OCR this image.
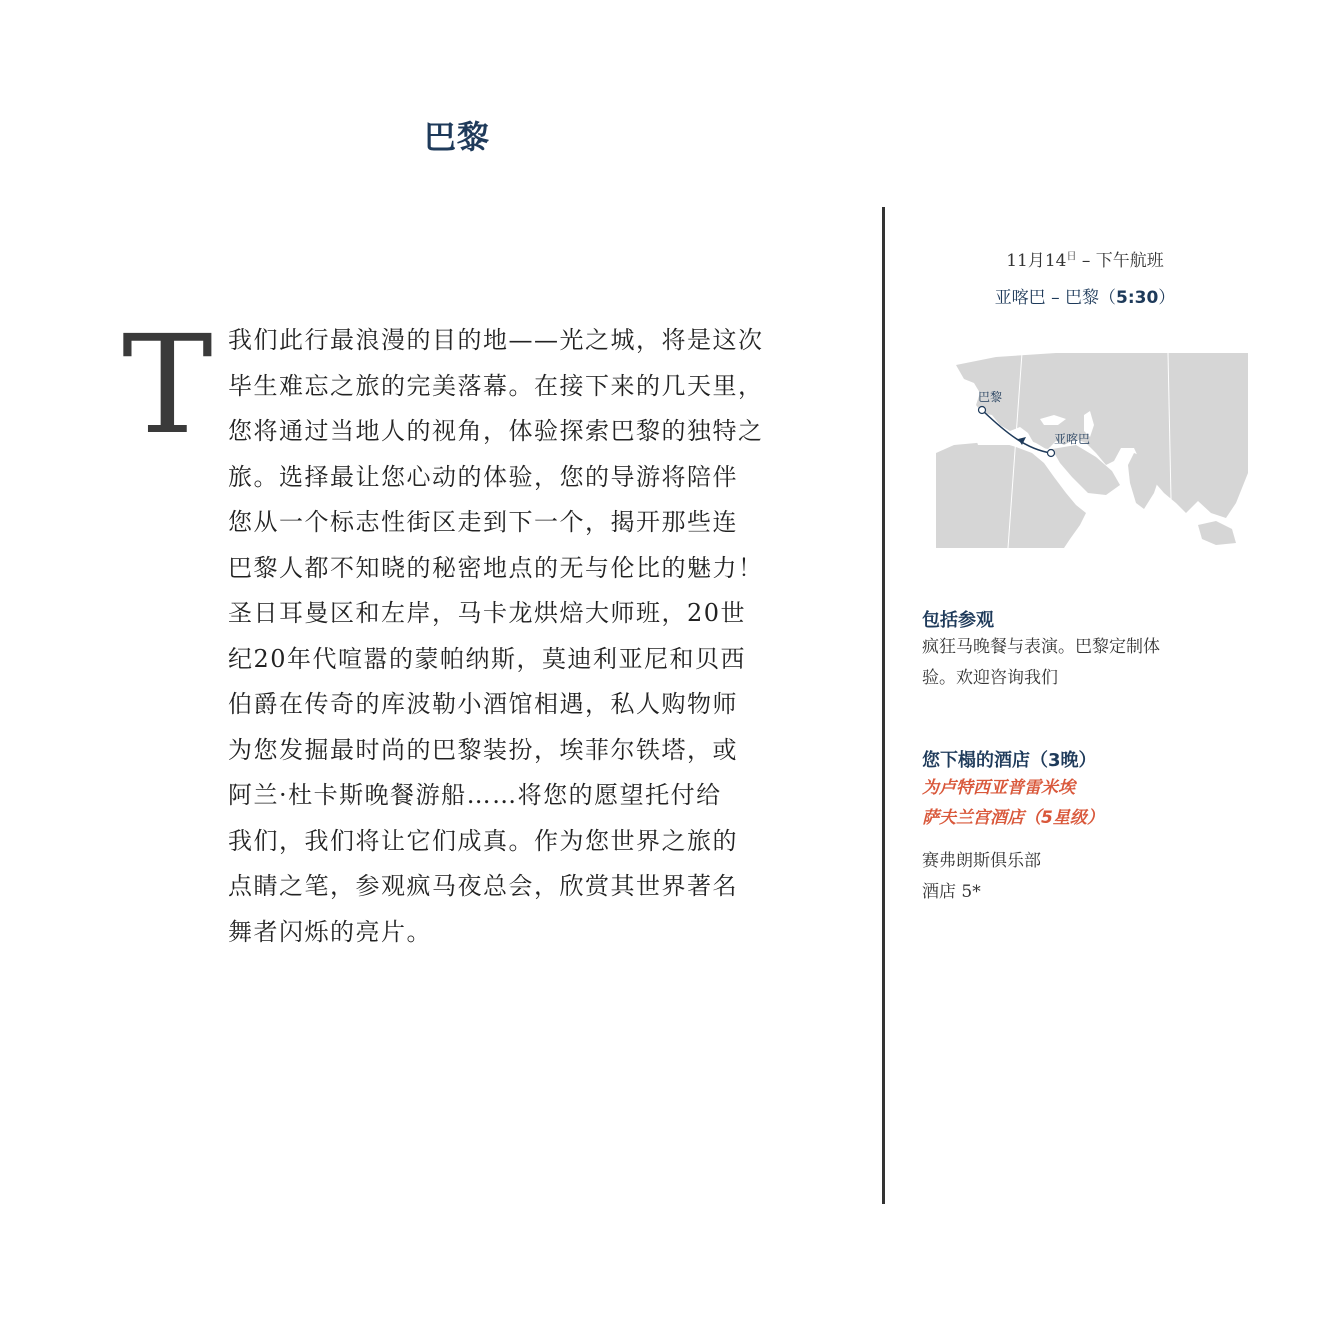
巴黎
T 我们此行最浪漫的目的地——光之城，将是这次
毕生难忘之旅的完美落幕。在接下来的几天里，
您将通过当地人的视角，体验探索巴黎的独特之
旅。选择最让您心动的体验，您的导游将陪伴
您从一个标志性街区走到下一个，揭开那些连
巴黎人都不知晓的秘密地点的无与伦比的魅力！
圣日耳曼区和左岸，马卡龙烘焙大师班，20世
纪20年代喧嚣的蒙帕纳斯，莫迪利亚尼和贝西
伯爵在传奇的库波勒小酒馆相遇，私人购物师
为您发掘最时尚的巴黎装扮，埃菲尔铁塔，或
阿兰·杜卡斯晚餐游船……将您的愿望托付给
我们，我们将让它们成真。作为您世界之旅的
点睛之笔，参观疯马夜总会，欣赏其世界著名
舞者闪烁的亮片。
11月$14^日$ – 下午航班
亚喀巴 – 巴黎（5:30）
巴黎
亚喀巴
包括参观
疯狂马晚餐与表演。巴黎定制体
验。欢迎咨询我们
您下榻的酒店（3晚）
为卢特西亚普雷米埃
萨夫兰宫酒店（5星级）
赛弗朗斯俱乐部
酒店 5*
